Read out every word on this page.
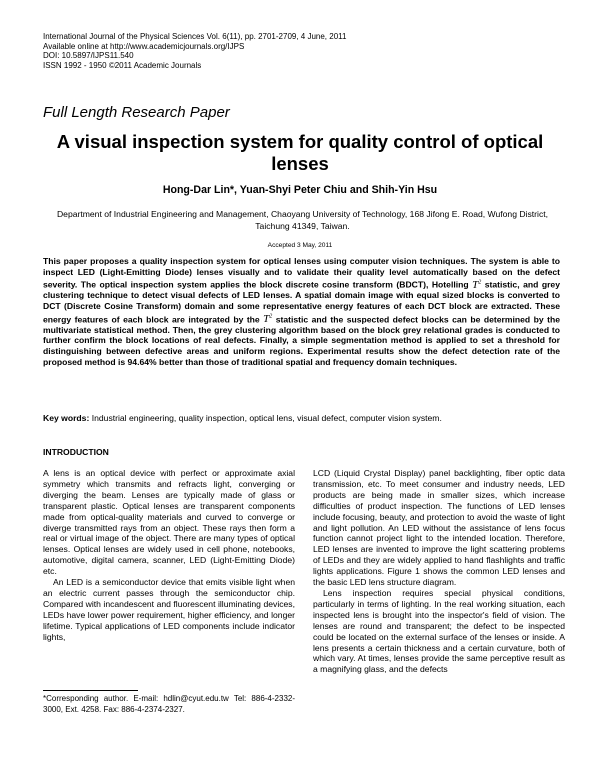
International Journal of the Physical Sciences Vol. 6(11), pp. 2701-2709, 4 June, 2011
Available online at http://www.academicjournals.org/IJPS
DOI: 10.5897/IJPS11.540
ISSN 1992 - 1950 ©2011 Academic Journals
Full Length Research Paper
A visual inspection system for quality control of optical lenses
Hong-Dar Lin*, Yuan-Shyi Peter Chiu and Shih-Yin Hsu
Department of Industrial Engineering and Management, Chaoyang University of Technology, 168 Jifong E. Road, Wufong District, Taichung 41349, Taiwan.
Accepted 3 May, 2011
This paper proposes a quality inspection system for optical lenses using computer vision techniques. The system is able to inspect LED (Light-Emitting Diode) lenses visually and to validate their quality level automatically based on the defect severity. The optical inspection system applies the block discrete cosine transform (BDCT), Hotelling $T^2$ statistic, and grey clustering technique to detect visual defects of LED lenses. A spatial domain image with equal sized blocks is converted to DCT (Discrete Cosine Transform) domain and some representative energy features of each DCT block are extracted. These energy features of each block are integrated by the $T^2$ statistic and the suspected defect blocks can be determined by the multivariate statistical method. Then, the grey clustering algorithm based on the block grey relational grades is conducted to further confirm the block locations of real defects. Finally, a simple segmentation method is applied to set a threshold for distinguishing between defective areas and uniform regions. Experimental results show the defect detection rate of the proposed method is 94.64% better than those of traditional spatial and frequency domain techniques.
Key words: Industrial engineering, quality inspection, optical lens, visual defect, computer vision system.
INTRODUCTION

A lens is an optical device with perfect or approximate axial symmetry which transmits and refracts light, converging or diverging the beam. Lenses are typically made of glass or transparent plastic. Optical lenses are transparent components made from optical-quality materials and curved to converge or diverge transmitted rays from an object. These rays then form a real or virtual image of the object. There are many types of optical lenses. Optical lenses are widely used in cell phone, notebooks, automotive, digital camera, scanner, LED (Light-Emitting Diode) etc.

An LED is a semiconductor device that emits visible light when an electric current passes through the semiconductor chip. Compared with incandescent and fluorescent illuminating devices, LEDs have lower power requirement, higher efficiency, and longer lifetime. Typical applications of LED components include indicator lights,

LCD (Liquid Crystal Display) panel backlighting, fiber optic data transmission, etc. To meet consumer and industry needs, LED products are being made in smaller sizes, which increase difficulties of product inspection. The functions of LED lenses include focusing, beauty, and protection to avoid the waste of light and light pollution. An LED without the assistance of lens focus function cannot project light to the intended location. Therefore, LED lenses are invented to improve the light scattering problems of LEDs and they are widely applied to hand flashlights and traffic lights applications. Figure 1 shows the common LED lenses and the basic LED lens structure diagram.

Lens inspection requires special physical conditions, particularly in terms of lighting. In the real working situation, each inspected lens is brought into the inspector's field of vision. The lenses are round and transparent; the defect to be inspected could be located on the external surface of the lenses or inside. A lens presents a certain thickness and a certain curvature, both of which vary. At times, lenses provide the same perceptive result as a magnifying glass, and the defects

*Corresponding author. E-mail: hdlin@cyut.edu.tw Tel: 886-4-2332-3000, Ext. 4258. Fax: 886-4-2374-2327.
